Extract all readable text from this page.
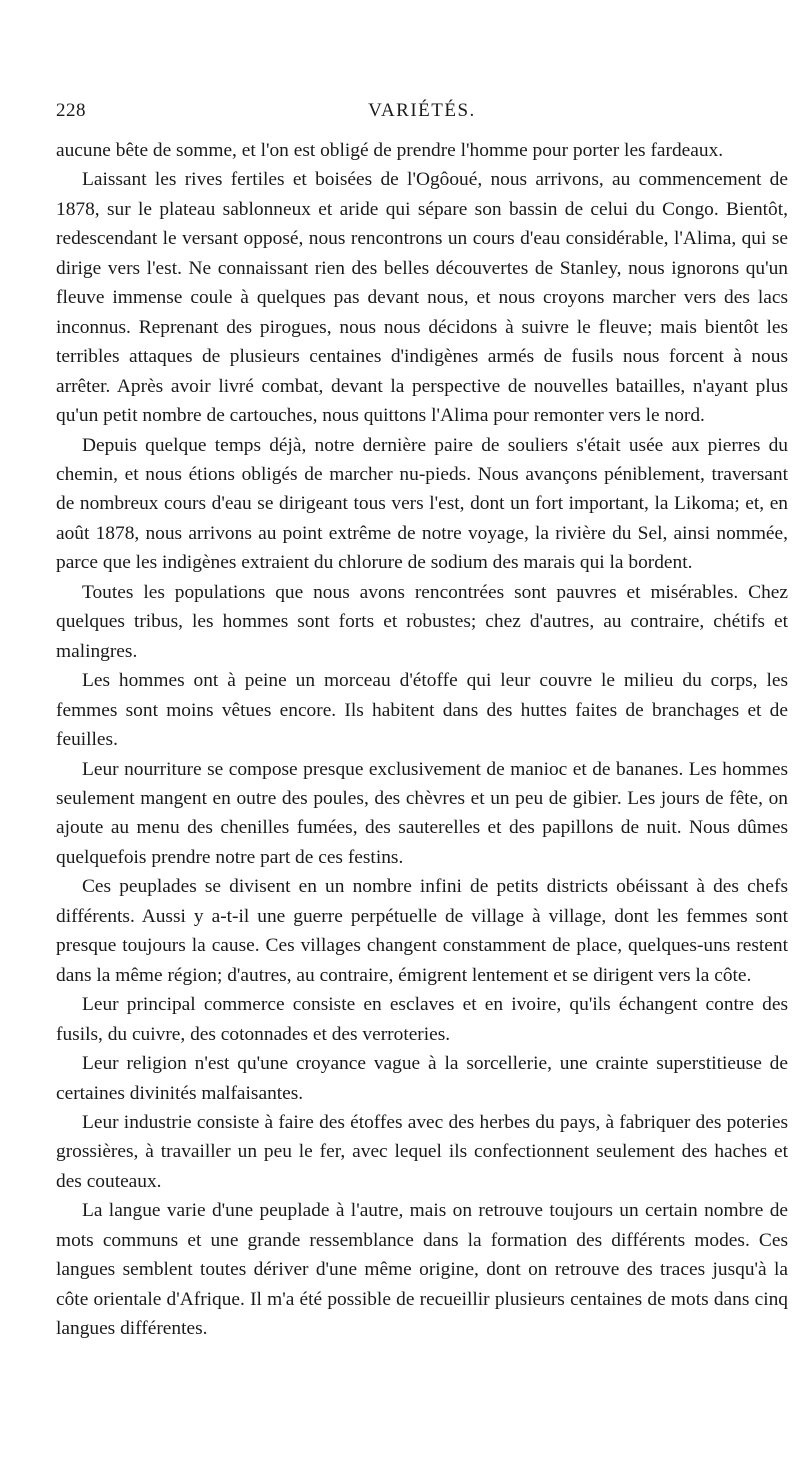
228	VARIÉTÉS.

aucune bête de somme, et l'on est obligé de prendre l'homme pour porter les fardeaux.

Laissant les rives fertiles et boisées de l'Ogôoué, nous arrivons, au commencement de 1878, sur le plateau sablonneux et aride qui sépare son bassin de celui du Congo. Bientôt, redescendant le versant opposé, nous rencontrons un cours d'eau considérable, l'Alima, qui se dirige vers l'est. Ne connaissant rien des belles découvertes de Stanley, nous ignorons qu'un fleuve immense coule à quelques pas devant nous, et nous croyons marcher vers des lacs inconnus. Reprenant des pirogues, nous nous décidons à suivre le fleuve; mais bientôt les terribles attaques de plusieurs centaines d'indigènes armés de fusils nous forcent à nous arrêter. Après avoir livré combat, devant la perspective de nouvelles batailles, n'ayant plus qu'un petit nombre de cartouches, nous quittons l'Alima pour remonter vers le nord.

Depuis quelque temps déjà, notre dernière paire de souliers s'était usée aux pierres du chemin, et nous étions obligés de marcher nu-pieds. Nous avançons péniblement, traversant de nombreux cours d'eau se dirigeant tous vers l'est, dont un fort important, la Likoma; et, en août 1878, nous arrivons au point extrême de notre voyage, la rivière du Sel, ainsi nommée, parce que les indigènes extraient du chlorure de sodium des marais qui la bordent.

Toutes les populations que nous avons rencontrées sont pauvres et misérables. Chez quelques tribus, les hommes sont forts et robustes; chez d'autres, au contraire, chétifs et malingres.

Les hommes ont à peine un morceau d'étoffe qui leur couvre le milieu du corps, les femmes sont moins vêtues encore. Ils habitent dans des huttes faites de branchages et de feuilles.

Leur nourriture se compose presque exclusivement de manioc et de bananes. Les hommes seulement mangent en outre des poules, des chèvres et un peu de gibier. Les jours de fête, on ajoute au menu des chenilles fumées, des sauterelles et des papillons de nuit. Nous dûmes quelquefois prendre notre part de ces festins.

Ces peuplades se divisent en un nombre infini de petits districts obéissant à des chefs différents. Aussi y a-t-il une guerre perpétuelle de village à village, dont les femmes sont presque toujours la cause. Ces villages changent constamment de place, quelques-uns restent dans la même région; d'autres, au contraire, émigrent lentement et se dirigent vers la côte.

Leur principal commerce consiste en esclaves et en ivoire, qu'ils échangent contre des fusils, du cuivre, des cotonnades et des verroteries.

Leur religion n'est qu'une croyance vague à la sorcellerie, une crainte superstitieuse de certaines divinités malfaisantes.

Leur industrie consiste à faire des étoffes avec des herbes du pays, à fabriquer des poteries grossières, à travailler un peu le fer, avec lequel ils confectionnent seulement des haches et des couteaux.

La langue varie d'une peuplade à l'autre, mais on retrouve toujours un certain nombre de mots communs et une grande ressemblance dans la formation des différents modes. Ces langues semblent toutes dériver d'une même origine, dont on retrouve des traces jusqu'à la côte orientale d'Afrique. Il m'a été possible de recueillir plusieurs centaines de mots dans cinq langues différentes.
